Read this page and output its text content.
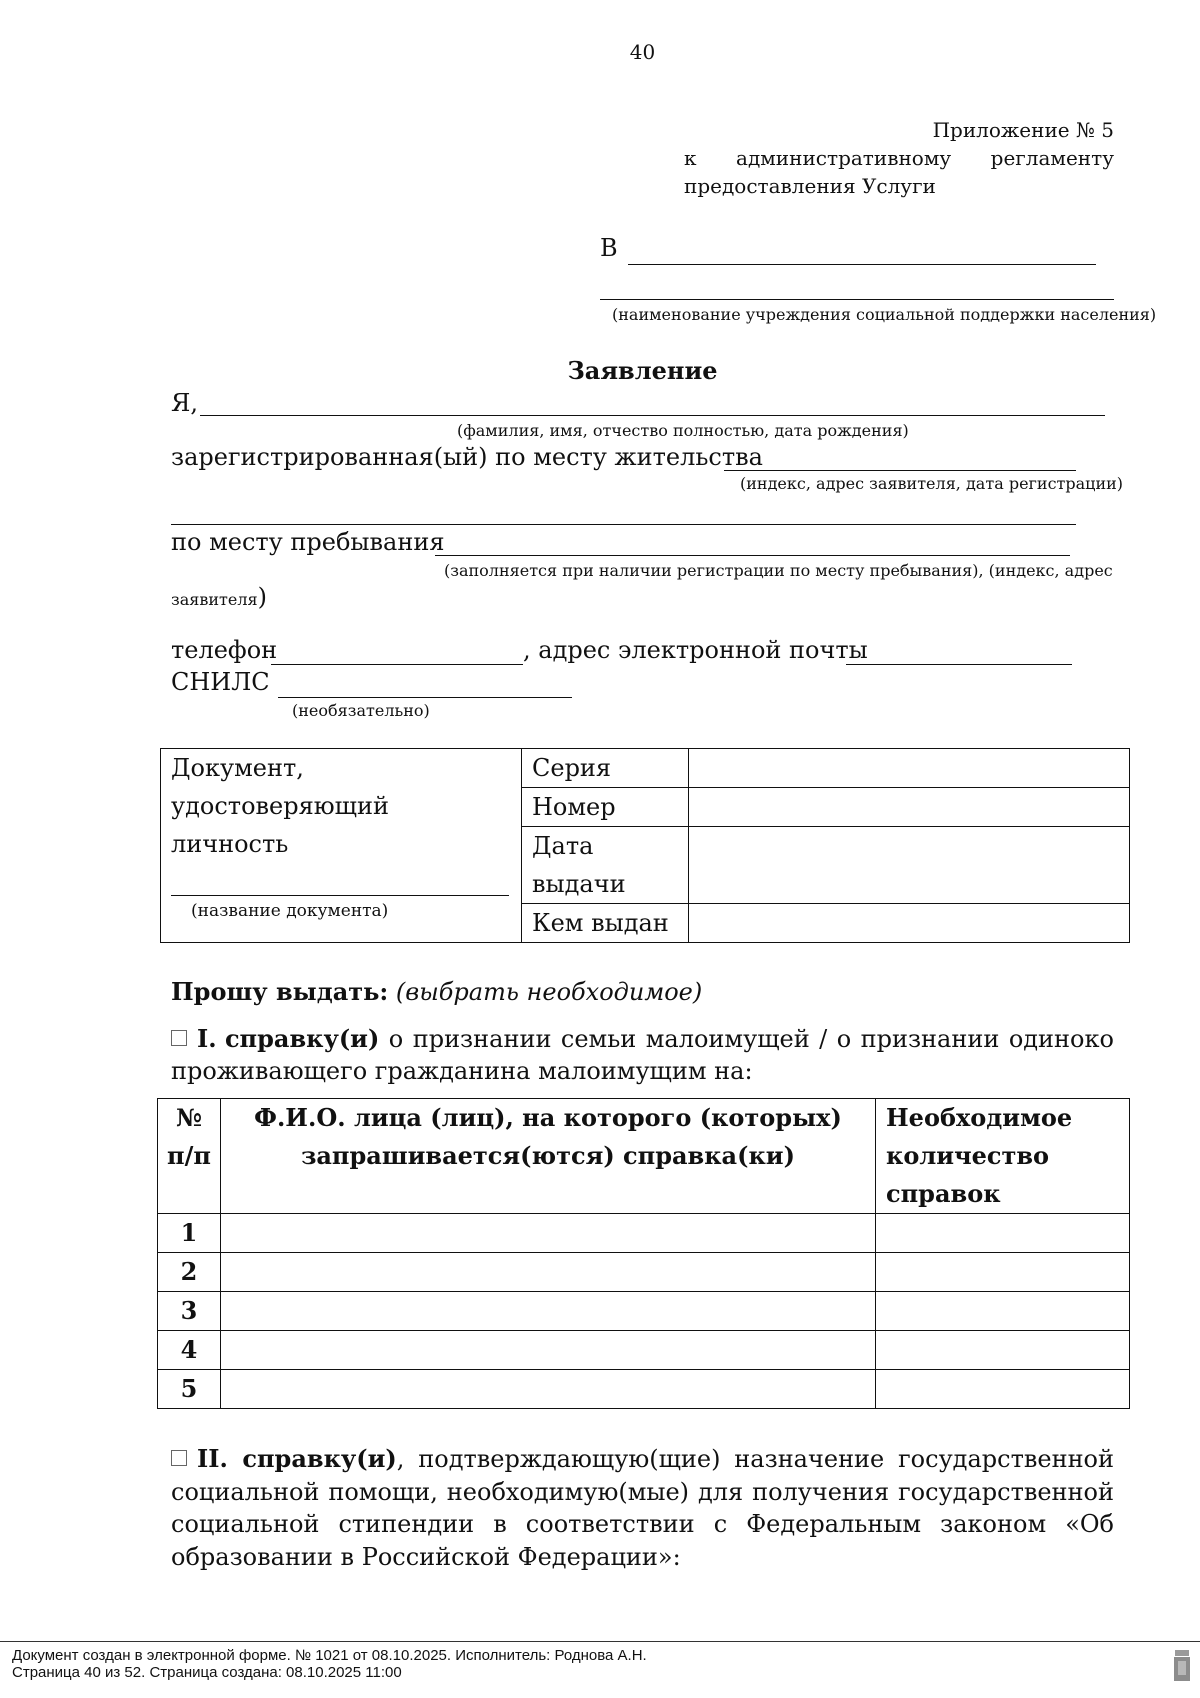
40
Приложение № 5
к административному регламенту
предоставления Услуги
В
(наименование учреждения социальной поддержки населения)
Заявление
Я,
(фамилия, имя, отчество полностью, дата рождения)
зарегистрированная(ый) по месту жительства
(индекс, адрес заявителя, дата регистрации)
по месту пребывания
(заполняется при наличии регистрации по месту пребывания), (индекс, адрес
заявителя)
телефон	, адрес электронной почты
СНИЛС
(необязательно)
Документ,
удостоверяющий
личность
(название документа)	Серия	
	Номер	
	Дата выдачи	
	Кем выдан	
Прошу выдать: (выбрать необходимое)
I. справку(и) о признании семьи малоимущей / о признании одиноко
проживающего гражданина малоимущим на:
№ п/п	Ф.И.О. лица (лиц), на которого (которых) запрашивается(ются) справка(ки)	Необходимое количество справок
1		
2		
3		
4		
5		
II. справку(и), подтверждающую(щие) назначение государственной
социальной помощи, необходимую(мые) для получения государственной
социальной стипендии в соответствии с Федеральным законом «Об
образовании в Российской Федерации»:
Документ создан в электронной форме. № 1021 от 08.10.2025. Исполнитель: Роднова А.Н.
Страница 40 из 52. Страница создана: 08.10.2025 11:00
